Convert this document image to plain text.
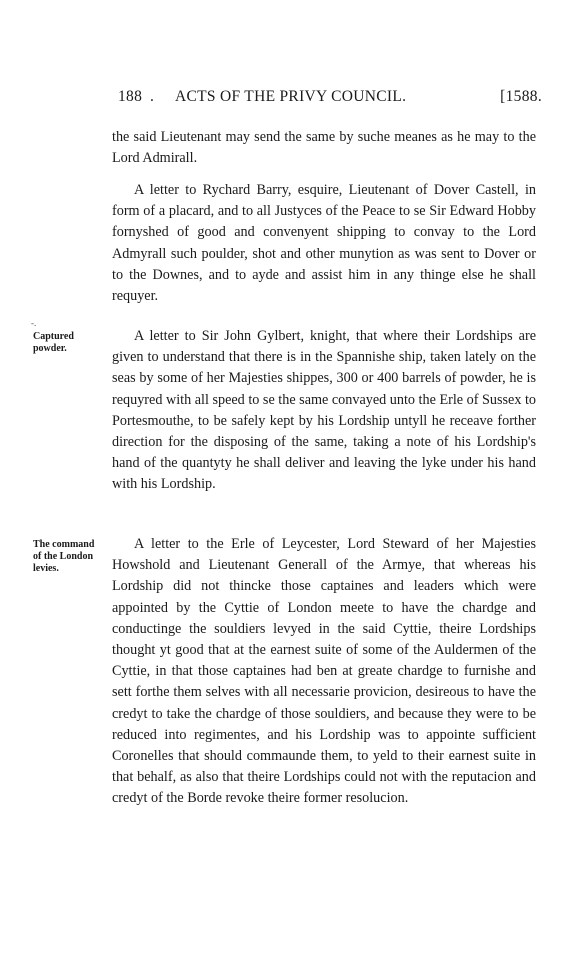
188 . ACTS OF THE PRIVY COUNCIL.	[1588.

the said Lieutenant may send the same by suche meanes as he may to the Lord Admirall.

A letter to Rychard Barry, esquire, Lieutenant of Dover Castell, in form of a placard, and to all Justyces of the Peace to se Sir Edward Hobby fornyshed of good and convenyent shipping to convay to the Lord Admyrall such poulder, shot and other munytion as was sent to Dover or to the Downes, and to ayde and assist him in any thinge else he shall requyer.

-.

Captured powder.

A letter to Sir John Gylbert, knight, that where their Lordships are given to understand that there is in the Spannishe ship, taken lately on the seas by some of her Majesties shippes, 300 or 400 barrels of powder, he is requyred with all speed to se the same convayed unto the Erle of Sussex to Portesmouthe, to be safely kept by his Lordship untyll he receave forther direction for the disposing of the same, taking a note of his Lordship's hand of the quantyty he shall deliver and leaving the lyke under his hand with his Lordship.

The command of the London levies.

A letter to the Erle of Leycester, Lord Steward of her Majesties Howshold and Lieutenant Generall of the Armye, that whereas his Lordship did not thincke those captaines and leaders which were appointed by the Cyttie of London meete to have the chardge and conductinge the souldiers levyed in the said Cyttie, theire Lordships thought yt good that at the earnest suite of some of the Auldermen of the Cyttie, in that those captaines had ben at greate chardge to furnishe and sett forthe them selves with all necessarie provicion, desireous to have the credyt to take the chardge of those souldiers, and because they were to be reduced into regimentes, and his Lordship was to appointe sufficient Coronelles that should commaunde them, to yeld to their earnest suite in that behalf, as also that theire Lordships could not with the reputacion and credyt of the Borde revoke theire former resolucion.
